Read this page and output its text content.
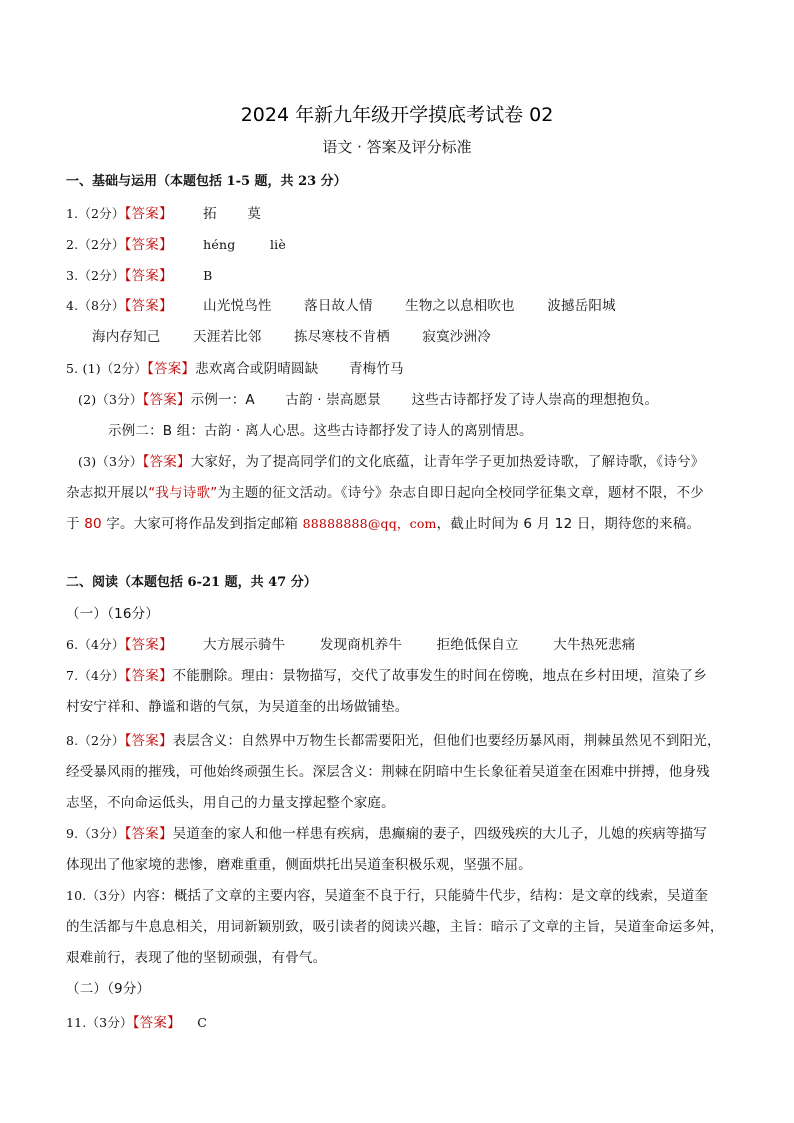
2024 年新九年级开学摸底考试卷 02
语文 · 答案及评分标准
一、基础与运用（本题包括 1-5 题，共 23 分）
1.（2分）【答案】 拓 莫
2.（2分）【答案】 héng	liè
3.（2分）【答案】 B
4.（8分）【答案】 山光悦鸟性 落日故人情 生物之以息相吹也 波撼岳阳城
海内存知己 天涯若比邻 拣尽寒枝不肯栖 寂寞沙洲冷
5. (1)（2分）【答案】悲欢离合或阴晴圆缺 青梅竹马
(2)（3分）【答案】示例一：A 古韵 · 崇高愿景 这些古诗都抒发了诗人崇高的理想抱负。
示例二：B 组：古韵 · 离人心思。这些古诗都抒发了诗人的离别情思。
(3)（3分）【答案】大家好，为了提高同学们的文化底蕴，让青年学子更加热爱诗歌，了解诗歌，《诗兮》
杂志拟开展以“我与诗歌”为主题的征文活动。《诗兮》杂志自即日起向全校同学征集文章，题材不限，不少
于 80 字。大家可将作品发到指定邮箱 88888888@qq，com，截止时间为 6 月 12 日，期待您的来稿。
二、阅读（本题包括 6-21 题，共 47 分）
（一）（16分）
6.（4分）【答案】 大方展示骑牛	发现商机养牛	拒绝低保自立	大牛热死悲痛
7.（4分）【答案】不能删除。理由：景物描写，交代了故事发生的时间在傍晚，地点在乡村田埂，渲染了乡
村安宁祥和、静谧和谐的气氛，为吴道奎的出场做铺垫。
8.（2分）【答案】表层含义：自然界中万物生长都需要阳光，但他们也要经历暴风雨，荆棘虽然见不到阳光，
经受暴风雨的摧残，可他始终顽强生长。深层含义：荆棘在阴暗中生长象征着吴道奎在困难中拼搏，他身残
志坚，不向命运低头，用自己的力量支撑起整个家庭。
9.（3分）【答案】吴道奎的家人和他一样患有疾病，患癫痫的妻子，四级残疾的大儿子，儿媳的疾病等描写
体现出了他家境的悲惨，磨难重重，侧面烘托出吴道奎积极乐观，坚强不屈。
10.（3分）内容：概括了文章的主要内容，吴道奎不良于行，只能骑牛代步，结构：是文章的线索，吴道奎
的生活都与牛息息相关，用词新颖别致，吸引读者的阅读兴趣，主旨：暗示了文章的主旨，吴道奎命运多舛，
艰难前行，表现了他的坚韧顽强，有骨气。
（二）（9分）
11.（3分）【答案】 C
